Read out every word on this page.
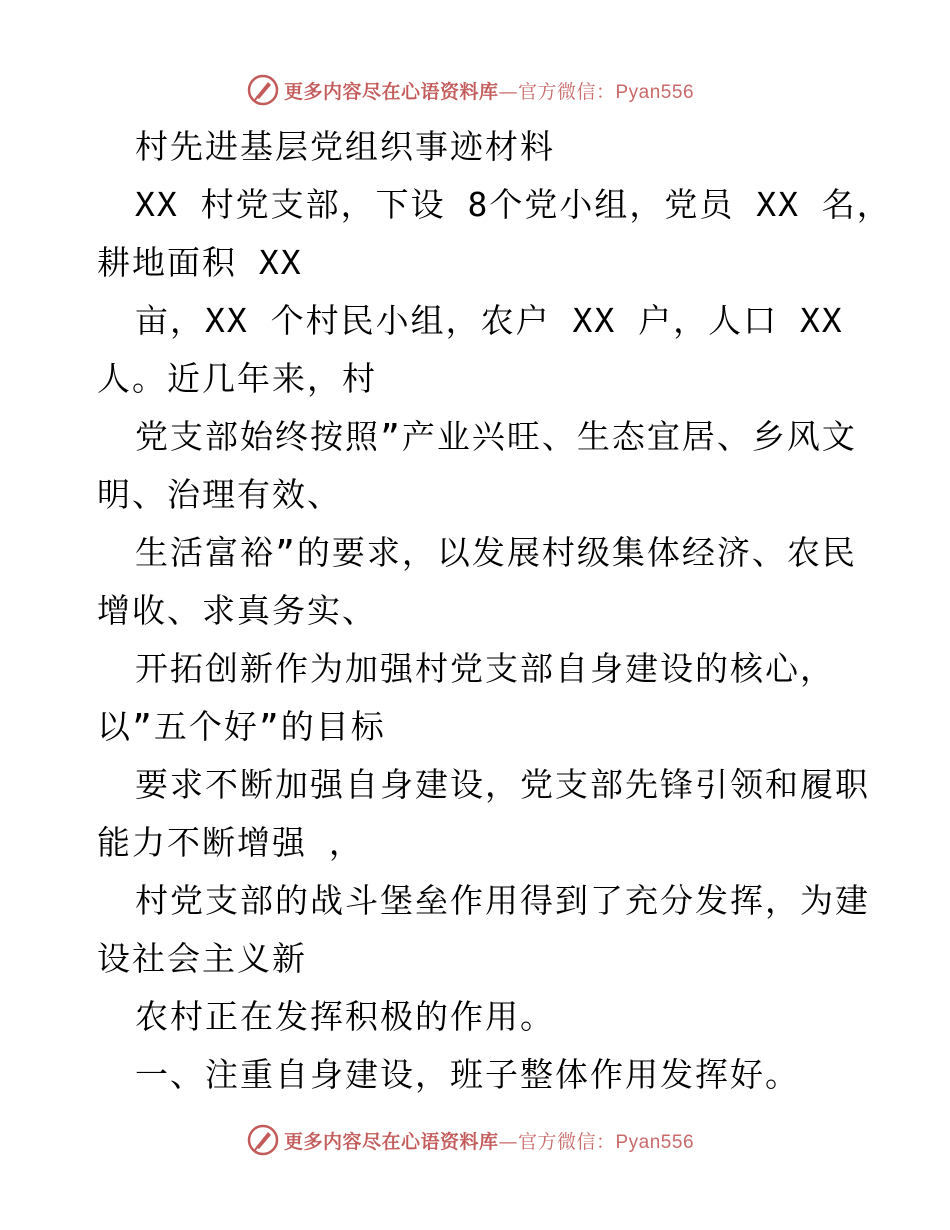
更多内容尽在心语资料库—官方微信：Pyan556
村先进基层党组织事迹材料
XX 村党支部，下设 8个党小组，党员 XX 名，
耕地面积 XX
亩，XX 个村民小组，农户 XX 户，人口 XX
人。近几年来，村
党支部始终按照”产业兴旺、生态宜居、乡风文
明、治理有效、
生活富裕”的要求，以发展村级集体经济、农民
增收、求真务实、
开拓创新作为加强村党支部自身建设的核心，
以”五个好”的目标
要求不断加强自身建设，党支部先锋引领和履职
能力不断增强 ，
村党支部的战斗堡垒作用得到了充分发挥，为建
设社会主义新
农村正在发挥积极的作用。
一、注重自身建设，班子整体作用发挥好。
更多内容尽在心语资料库—官方微信：Pyan556
